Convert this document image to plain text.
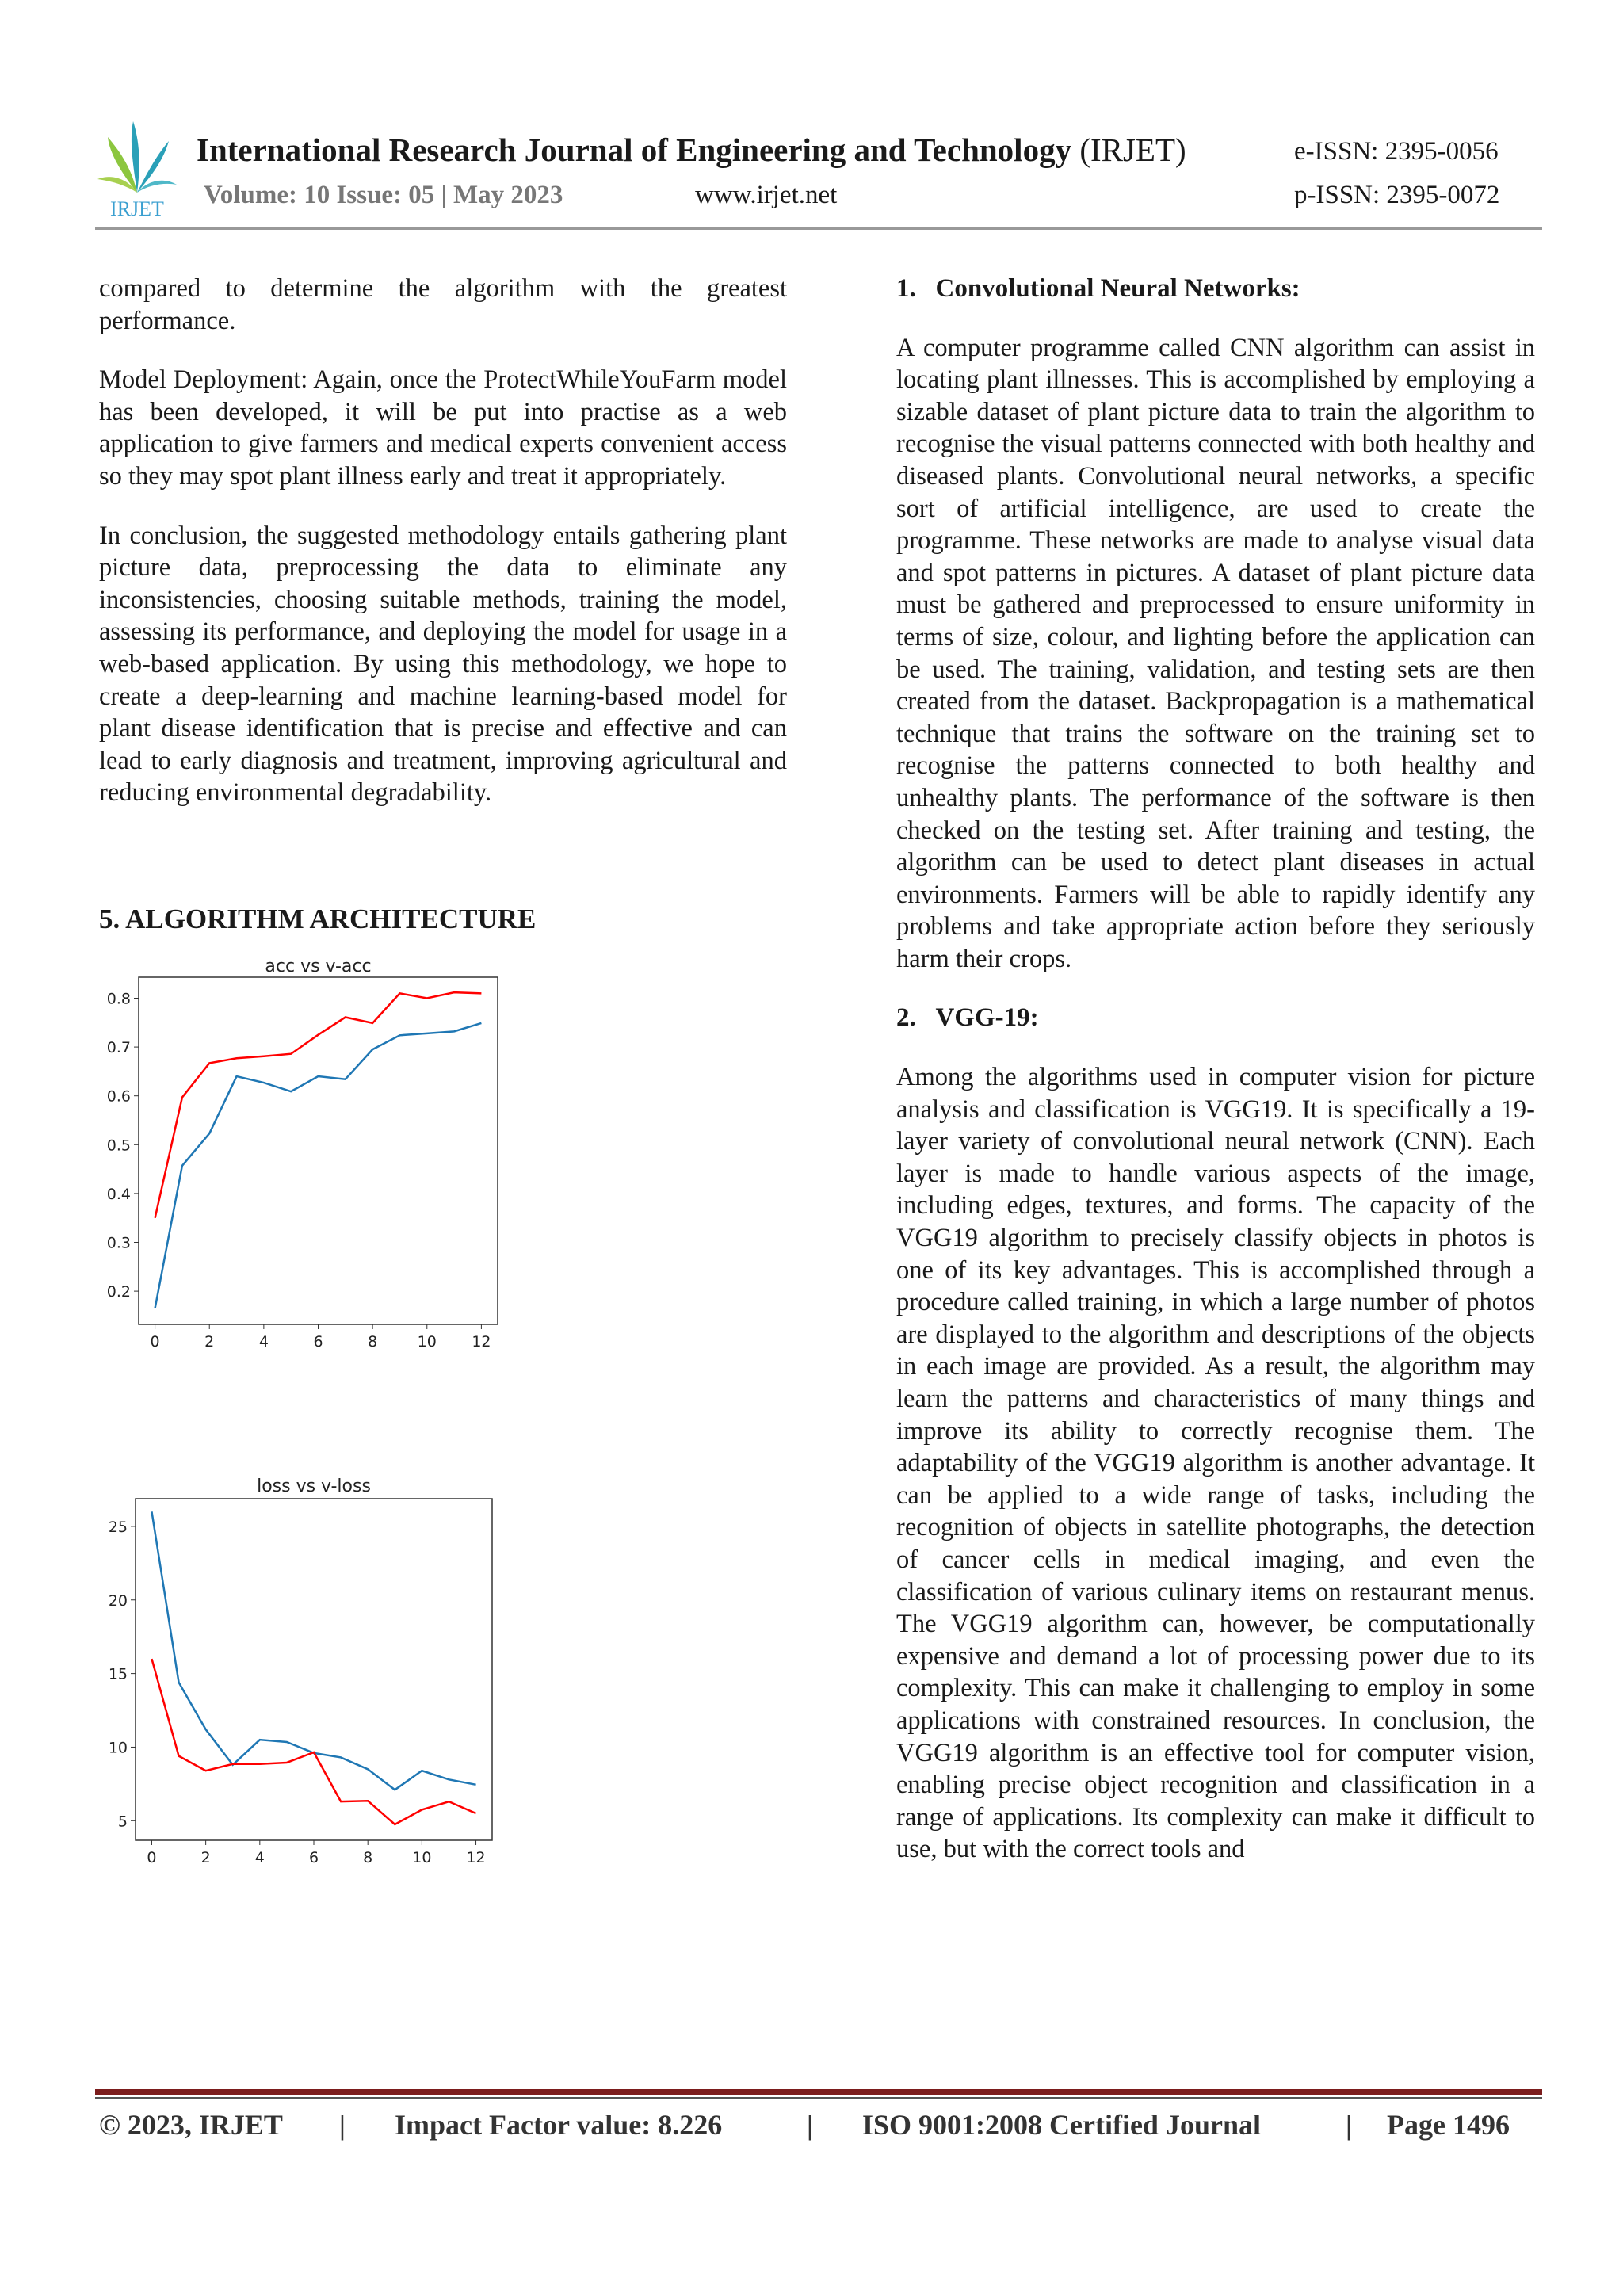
IRJET
International Research Journal of Engineering and Technology (IRJET)
Volume: 10 Issue: 05 | May 2023	www.irjet.net
e-ISSN: 2395-0056
p-ISSN: 2395-0072

compared to determine the algorithm with the greatest performance.

Model Deployment: Again, once the ProtectWhileYouFarm model has been developed, it will be put into practise as a web application to give farmers and medical experts convenient access so they may spot plant illness early and treat it appropriately.

In conclusion, the suggested methodology entails gathering plant picture data, preprocessing the data to eliminate any inconsistencies, choosing suitable methods, training the model, assessing its performance, and deploying the model for usage in a web-based application. By using this methodology, we hope to create a deep-learning and machine learning-based model for plant disease identification that is precise and effective and can lead to early diagnosis and treatment, improving agricultural and reducing environmental degradability.

5. ALGORITHM ARCHITECTURE
acc vs v-acc
0	2	4	6	8	10 12
0.2
0.3
0.4
0.5
0.6
0.7
0.8
loss vs v-loss
0	2	4	6	8	10 12
5
10
15
20
25
1.   Convolutional Neural Networks:

A computer programme called CNN algorithm can assist in locating plant illnesses. This is accomplished by employing a sizable dataset of plant picture data to train the algorithm to recognise the visual patterns connected with both healthy and diseased plants. Convolutional neural networks, a specific sort of artificial intelligence, are used to create the programme. These networks are made to analyse visual data and spot patterns in pictures. A dataset of plant picture data must be gathered and preprocessed to ensure uniformity in terms of size, colour, and lighting before the application can be used. The training, validation, and testing sets are then created from the dataset. Backpropagation is a mathematical technique that trains the software on the training set to recognise the patterns connected to both healthy and unhealthy plants. The performance of the software is then checked on the testing set. After training and testing, the algorithm can be used to detect plant diseases in actual environments. Farmers will be able to rapidly identify any problems and take appropriate action before they seriously harm their crops.

2.   VGG-19:

Among the algorithms used in computer vision for picture analysis and classification is VGG19. It is specifically a 19-layer variety of convolutional neural network (CNN). Each layer is made to handle various aspects of the image, including edges, textures, and forms. The capacity of the VGG19 algorithm to precisely classify objects in photos is one of its key advantages. This is accomplished through a procedure called training, in which a large number of photos are displayed to the algorithm and descriptions of the objects in each image are provided. As a result, the algorithm may learn the patterns and characteristics of many things and improve its ability to correctly recognise them. The adaptability of the VGG19 algorithm is another advantage. It can be applied to a wide range of tasks, including the recognition of objects in satellite photographs, the detection of cancer cells in medical imaging, and even the classification of various culinary items on restaurant menus. The VGG19 algorithm can, however, be computationally expensive and demand a lot of processing power due to its complexity. This can make it challenging to employ in some applications with constrained resources. In conclusion, the VGG19 algorithm is an effective tool for computer vision, enabling precise object recognition and classification in a range of applications. Its complexity can make it difficult to use, but with the correct tools and

© 2023, IRJET | Impact Factor value: 8.226	| ISO 9001:2008 Certified Journal	| Page 1496
